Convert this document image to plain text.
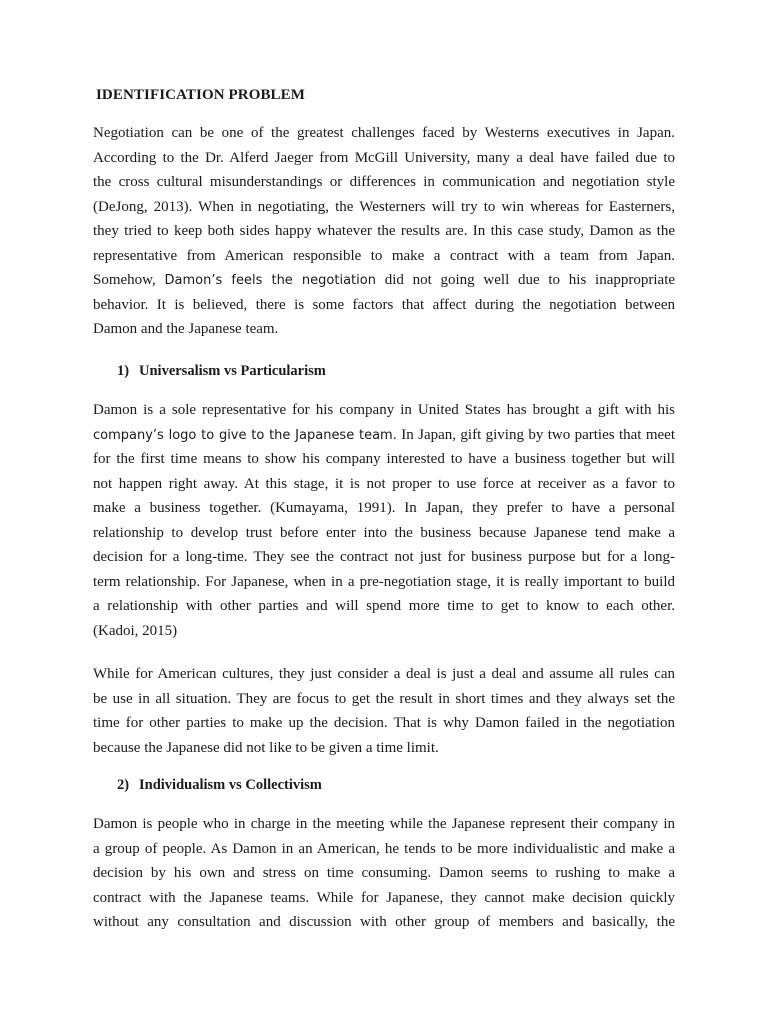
IDENTIFICATION PROBLEM
Negotiation can be one of the greatest challenges faced by Westerns executives in Japan.
According to the Dr. Alferd Jaeger from McGill University, many a deal have failed due to
the cross cultural misunderstandings or differences in communication and negotiation style
(DeJong, 2013). When in negotiating, the Westerners will try to win whereas for Easterners,
they tried to keep both sides happy whatever the results are. In this case study, Damon as the
representative from American responsible to make a contract with a team from Japan.
Somehow, Damon’s feels the negotiation did not going well due to his inappropriate
behavior. It is believed, there is some factors that affect during the negotiation between
Damon and the Japanese team.
1) Universalism vs Particularism
Damon is a sole representative for his company in United States has brought a gift with his
company’s logo to give to the Japanese team. In Japan, gift giving by two parties that meet
for the first time means to show his company interested to have a business together but will
not happen right away. At this stage, it is not proper to use force at receiver as a favor to
make a business together. (Kumayama, 1991). In Japan, they prefer to have a personal
relationship to develop trust before enter into the business because Japanese tend make a
decision for a long-time. They see the contract not just for business purpose but for a long-
term relationship. For Japanese, when in a pre-negotiation stage, it is really important to build
a relationship with other parties and will spend more time to get to know to each other.
(Kadoi, 2015)
While for American cultures, they just consider a deal is just a deal and assume all rules can
be use in all situation. They are focus to get the result in short times and they always set the
time for other parties to make up the decision. That is why Damon failed in the negotiation
because the Japanese did not like to be given a time limit.
2) Individualism vs Collectivism
Damon is people who in charge in the meeting while the Japanese represent their company in
a group of people. As Damon in an American, he tends to be more individualistic and make a
decision by his own and stress on time consuming. Damon seems to rushing to make a
contract with the Japanese teams. While for Japanese, they cannot make decision quickly
without any consultation and discussion with other group of members and basically, the
